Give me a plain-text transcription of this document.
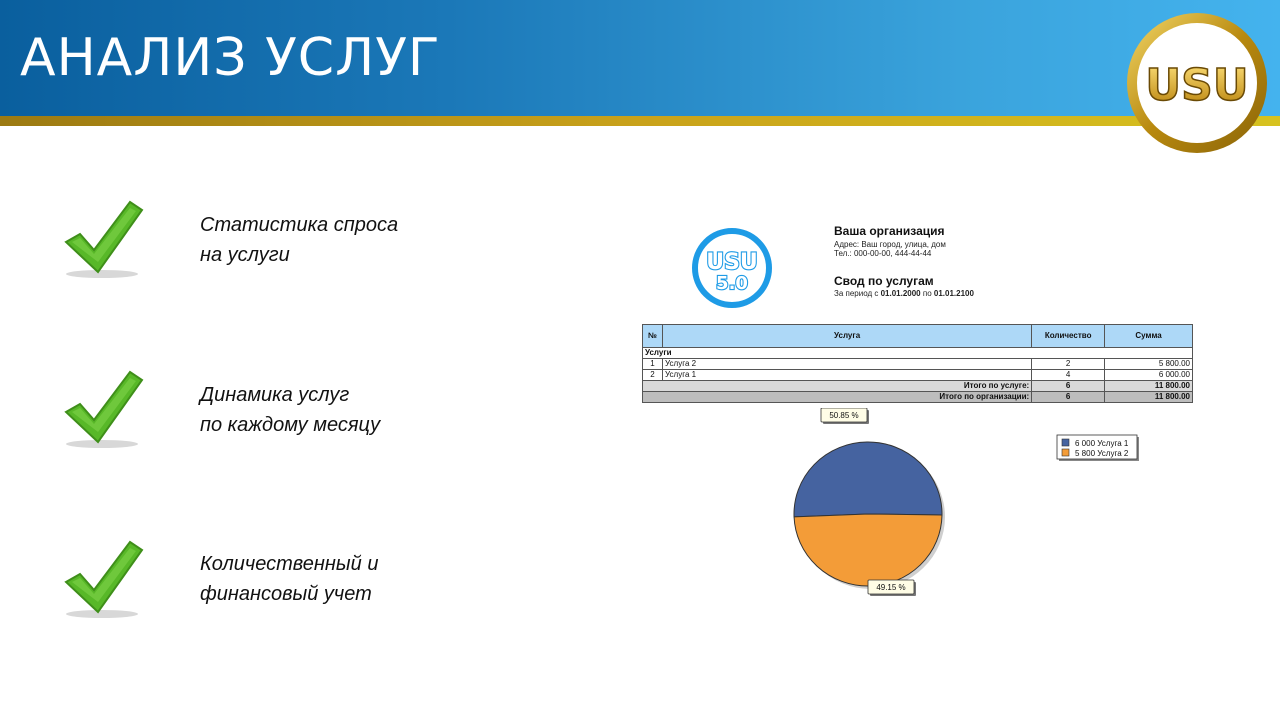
АНАЛИЗ УСЛУГ	USU
Статистика спроса
на услуги
Динамика услуг
по каждому месяцу
Количественный и
финансовый учет
USU
5.0
Ваша организация
Адрес: Ваш город, улица, дом
Тел.: 000-00-00, 444-44-44
Свод по услугам
За период с 01.01.2000 по 01.01.2100
№	Услуга	Количество	Сумма
Услуги			
1	Услуга 2	2	5 800.00
2	Услуга 1	4	6 000.00
Итого по услуге:		6	11 800.00
Итого по организации:		6	11 800.00
50.85 %
49.15 %
6 000 Услуга 1
5 800 Услуга 2
